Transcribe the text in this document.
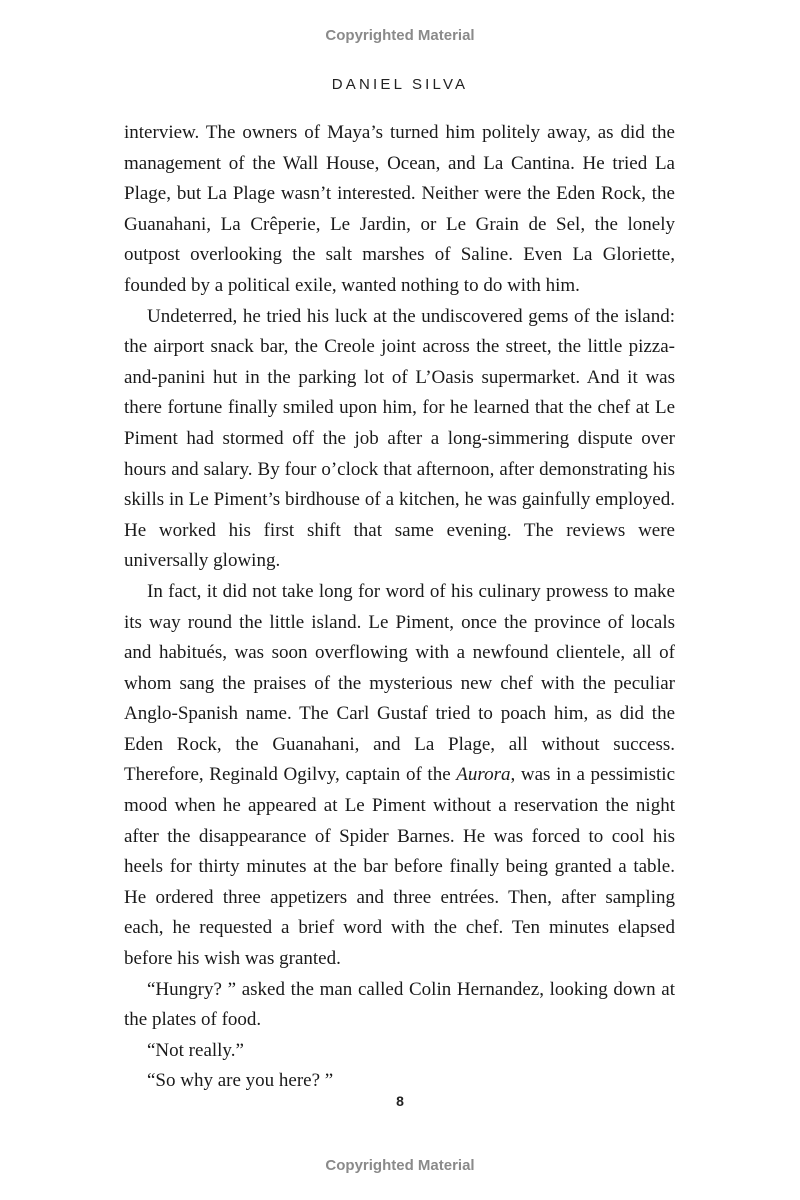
Copyrighted Material
DANIEL SILVA

interview. The owners of Maya’s turned him politely away, as did the management of the Wall House, Ocean, and La Cantina. He tried La Plage, but La Plage wasn’t interested. Neither were the Eden Rock, the Guanahani, La Crêperie, Le Jardin, or Le Grain de Sel, the lonely outpost overlooking the salt marshes of Saline. Even La Gloriette, founded by a political exile, wanted nothing to do with him.

Undeterred, he tried his luck at the undiscovered gems of the island: the airport snack bar, the Creole joint across the street, the little pizza-and-panini hut in the parking lot of L’Oasis supermarket. And it was there fortune finally smiled upon him, for he learned that the chef at Le Piment had stormed off the job after a long-simmering dispute over hours and salary. By four o’clock that afternoon, after demonstrating his skills in Le Piment’s birdhouse of a kitchen, he was gainfully employed. He worked his first shift that same evening. The reviews were universally glowing.

In fact, it did not take long for word of his culinary prowess to make its way round the little island. Le Piment, once the province of locals and habitués, was soon overflowing with a newfound clientele, all of whom sang the praises of the mysterious new chef with the peculiar Anglo-Spanish name. The Carl Gustaf tried to poach him, as did the Eden Rock, the Guanahani, and La Plage, all without success. Therefore, Reginald Ogilvy, captain of the Aurora, was in a pessimistic mood when he appeared at Le Piment without a reservation the night after the disappearance of Spider Barnes. He was forced to cool his heels for thirty minutes at the bar before finally being granted a table. He ordered three appetizers and three entrées. Then, after sampling each, he requested a brief word with the chef. Ten minutes elapsed before his wish was granted.

“Hungry? ” asked the man called Colin Hernandez, looking down at the plates of food.

“Not really.”

“So why are you here? ”

8
Copyrighted Material
